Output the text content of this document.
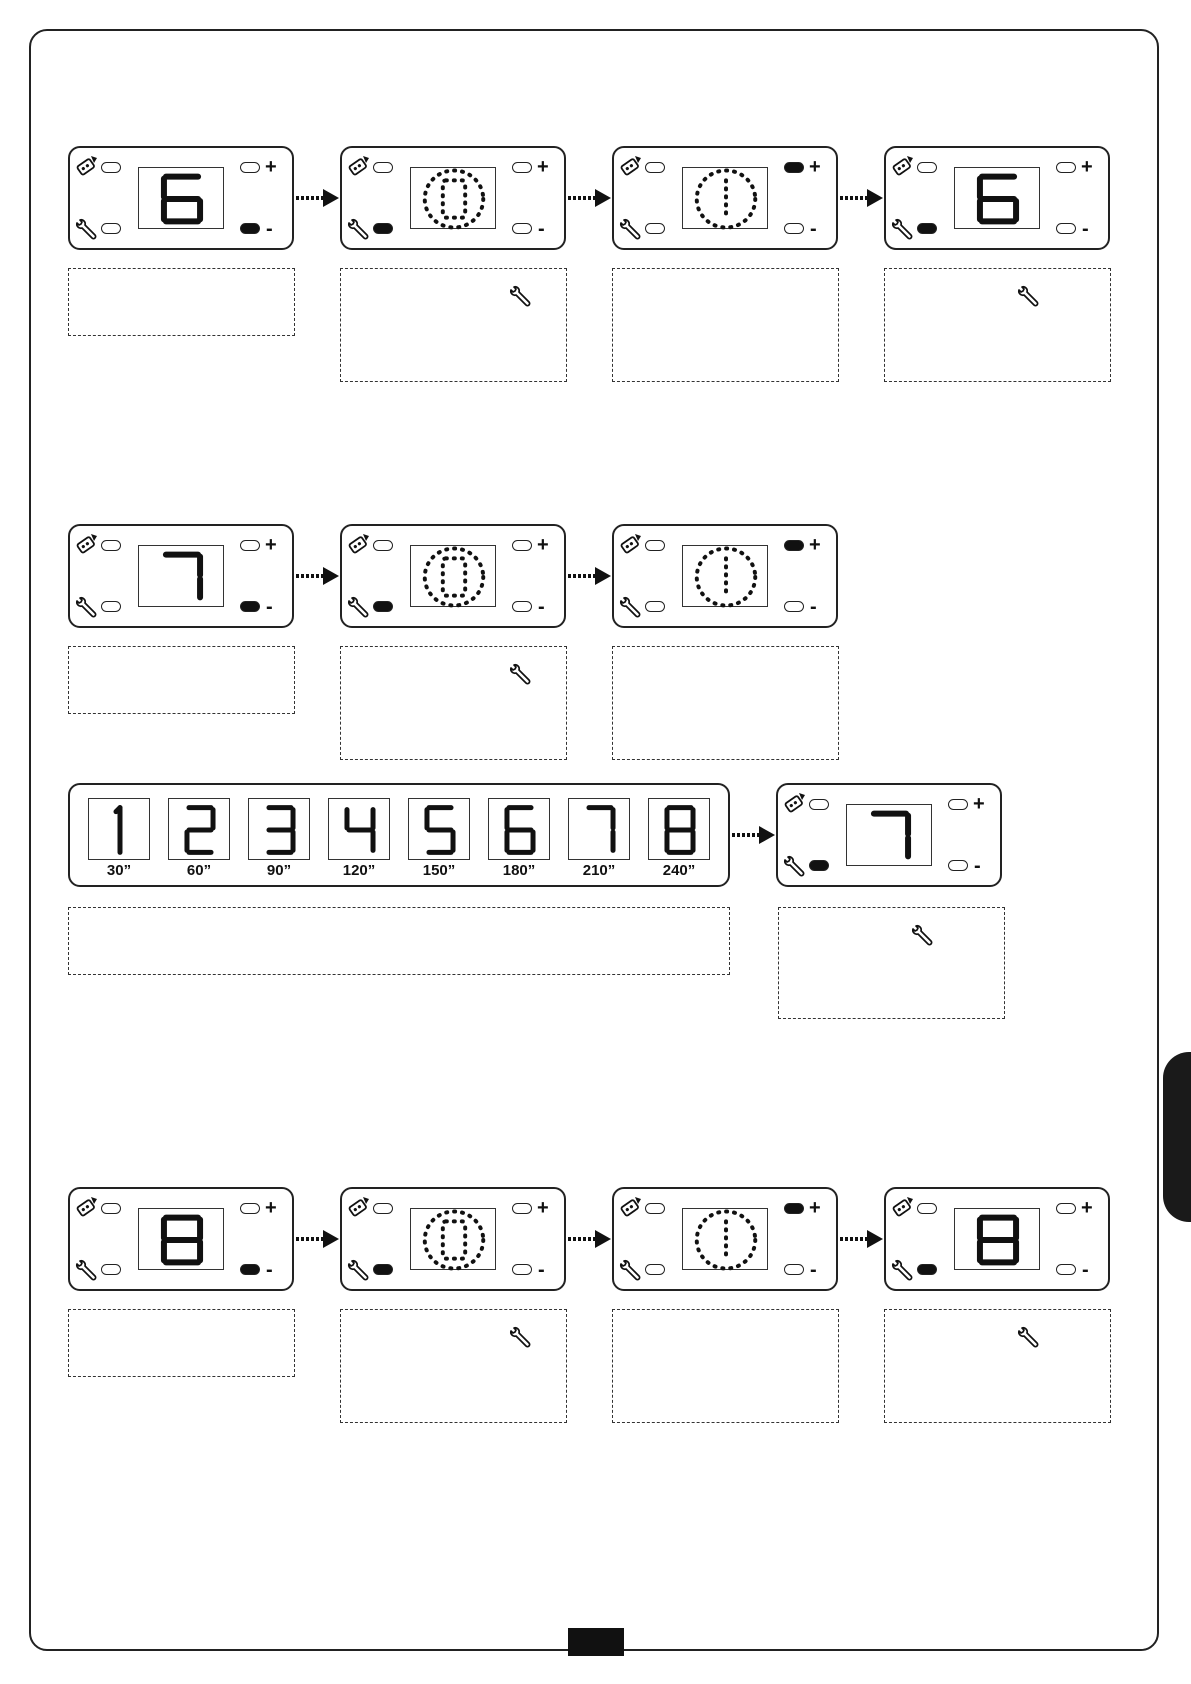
+
-
+
-
+
-
+
-
+
-
+
-
+
-
+
-
+
-
+
-
+
-
+
-
30”	60”	90”	120”	150”	180”	210”	240”
